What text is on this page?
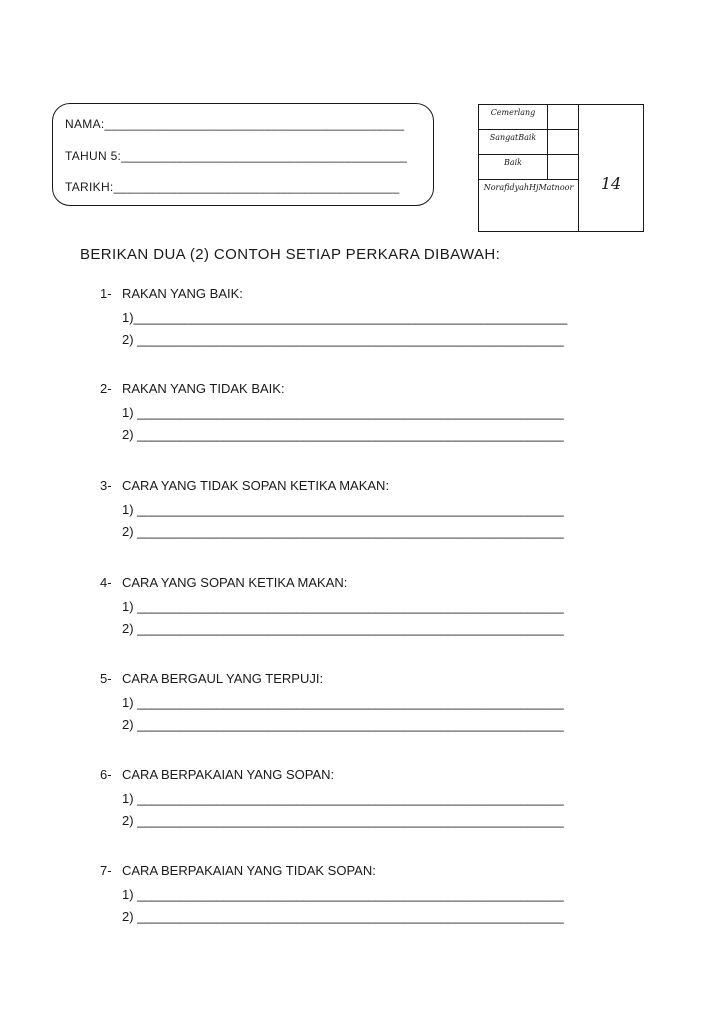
NAMA:___________________________________________
TAHUN 5:_________________________________________
TARIKH:_________________________________________
Cemerlang		14
SangatBaik		
Baik		
NorafidyahHjMatnoor		
BERIKAN DUA (2) CONTOH SETIAP PERKARA DIBAWAH:
1- RAKAN YANG BAIK:
1)____________________________________________________________
2) ___________________________________________________________
2- RAKAN YANG TIDAK BAIK:
1) ___________________________________________________________
2) ___________________________________________________________
3- CARA YANG TIDAK SOPAN KETIKA MAKAN:
1) ___________________________________________________________
2) ___________________________________________________________
4- CARA YANG SOPAN KETIKA MAKAN:
1) ___________________________________________________________
2) ___________________________________________________________
5- CARA BERGAUL YANG TERPUJI:
1) ___________________________________________________________
2) ___________________________________________________________
6- CARA BERPAKAIAN YANG SOPAN:
1) ___________________________________________________________
2) ___________________________________________________________
7- CARA BERPAKAIAN YANG TIDAK SOPAN:
1) ___________________________________________________________
2) ___________________________________________________________
